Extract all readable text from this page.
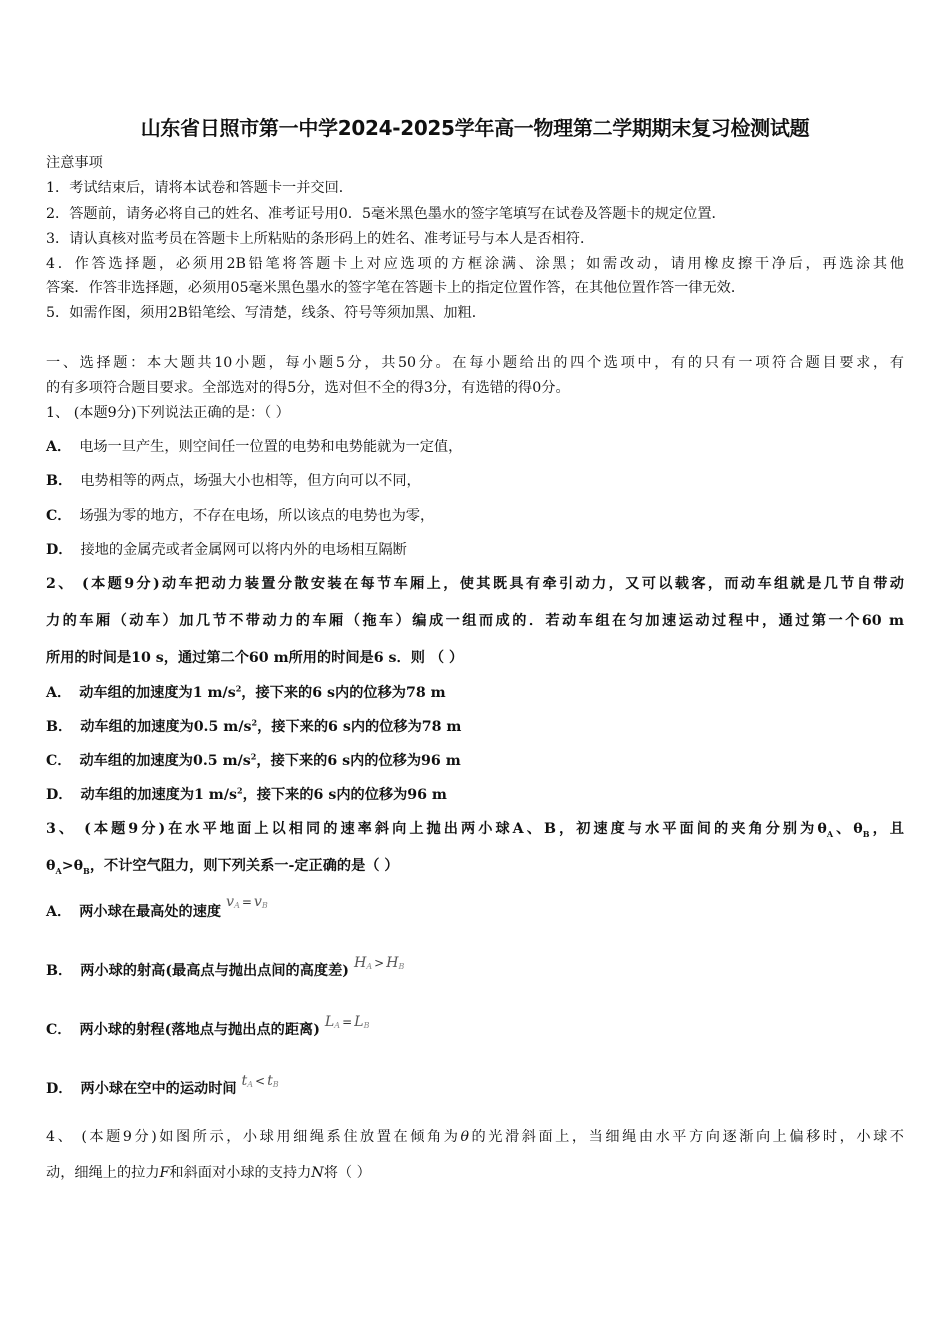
山东省日照市第一中学2024-2025学年高一物理第二学期期末复习检测试题
注意事项
1．考试结束后，请将本试卷和答题卡一并交回．
2．答题前，请务必将自己的姓名、准考证号用0．5毫米黑色墨水的签字笔填写在试卷及答题卡的规定位置．
3．请认真核对监考员在答题卡上所粘贴的条形码上的姓名、准考证号与本人是否相符．
4．作答选择题，必须用2B铅笔将答题卡上对应选项的方框涂满、涂黑；如需改动，请用橡皮擦干净后，再选涂其他
答案．作答非选择题，必须用05毫米黑色墨水的签字笔在答题卡上的指定位置作答，在其他位置作答一律无效．
5．如需作图，须用2B铅笔绘、写清楚，线条、符号等须加黑、加粗．
一、选择题：本大题共10小题，每小题5分，共50分。在每小题给出的四个选项中，有的只有一项符合题目要求，有
的有多项符合题目要求。全部选对的得5分，选对但不全的得3分，有选错的得0分。
1、 (本题9分)下列说法正确的是：（ ）
A． 电场一旦产生，则空间任一位置的电势和电势能就为一定值，
B． 电势相等的两点，场强大小也相等，但方向可以不同，
C． 场强为零的地方，不存在电场，所以该点的电势也为零，
D． 接地的金属壳或者金属网可以将内外的电场相互隔断
2、 (本题9分)动车把动力装置分散安装在每节车厢上，使其既具有牵引动力，又可以载客，而动车组就是几节自带动
力的车厢（动车）加几节不带动力的车厢（拖车）编成一组而成的．若动车组在匀加速运动过程中，通过第一个60 m
所用的时间是10 s，通过第二个60 m所用的时间是6 s．则 （ ）
A． 动车组的加速度为1 $m/s^2$，接下来的6 s内的位移为78 m
B． 动车组的加速度为0.5 $m/s^2$，接下来的6 s内的位移为78 m
C． 动车组的加速度为0.5 $m/s^2$，接下来的6 s内的位移为96 m
D． 动车组的加速度为1 $m/s^2$，接下来的6 s内的位移为96 m
3、 (本题9分)在水平地面上以相同的速率斜向上抛出两小球A、B，初速度与水平面间的夹角分别为$\theta_A$、$\theta_B$，且
$\theta_A>\theta_B$，不计空气阻力，则下列关系一-定正确的是（ ）
A． 两小球在最高处的速度 $v_A = v_B$
B． 两小球的射高(最高点与抛出点间的高度差) $H_A > H_B$
C． 两小球的射程(落地点与抛出点的距离) $L_A = L_B$
D． 两小球在空中的运动时间 $t_A < t_B$
4、 (本题9分)如图所示，小球用细绳系住放置在倾角为θ的光滑斜面上，当细绳由水平方向逐渐向上偏移时，小球不
动，细绳上的拉力F和斜面对小球的支持力N将（ ）
